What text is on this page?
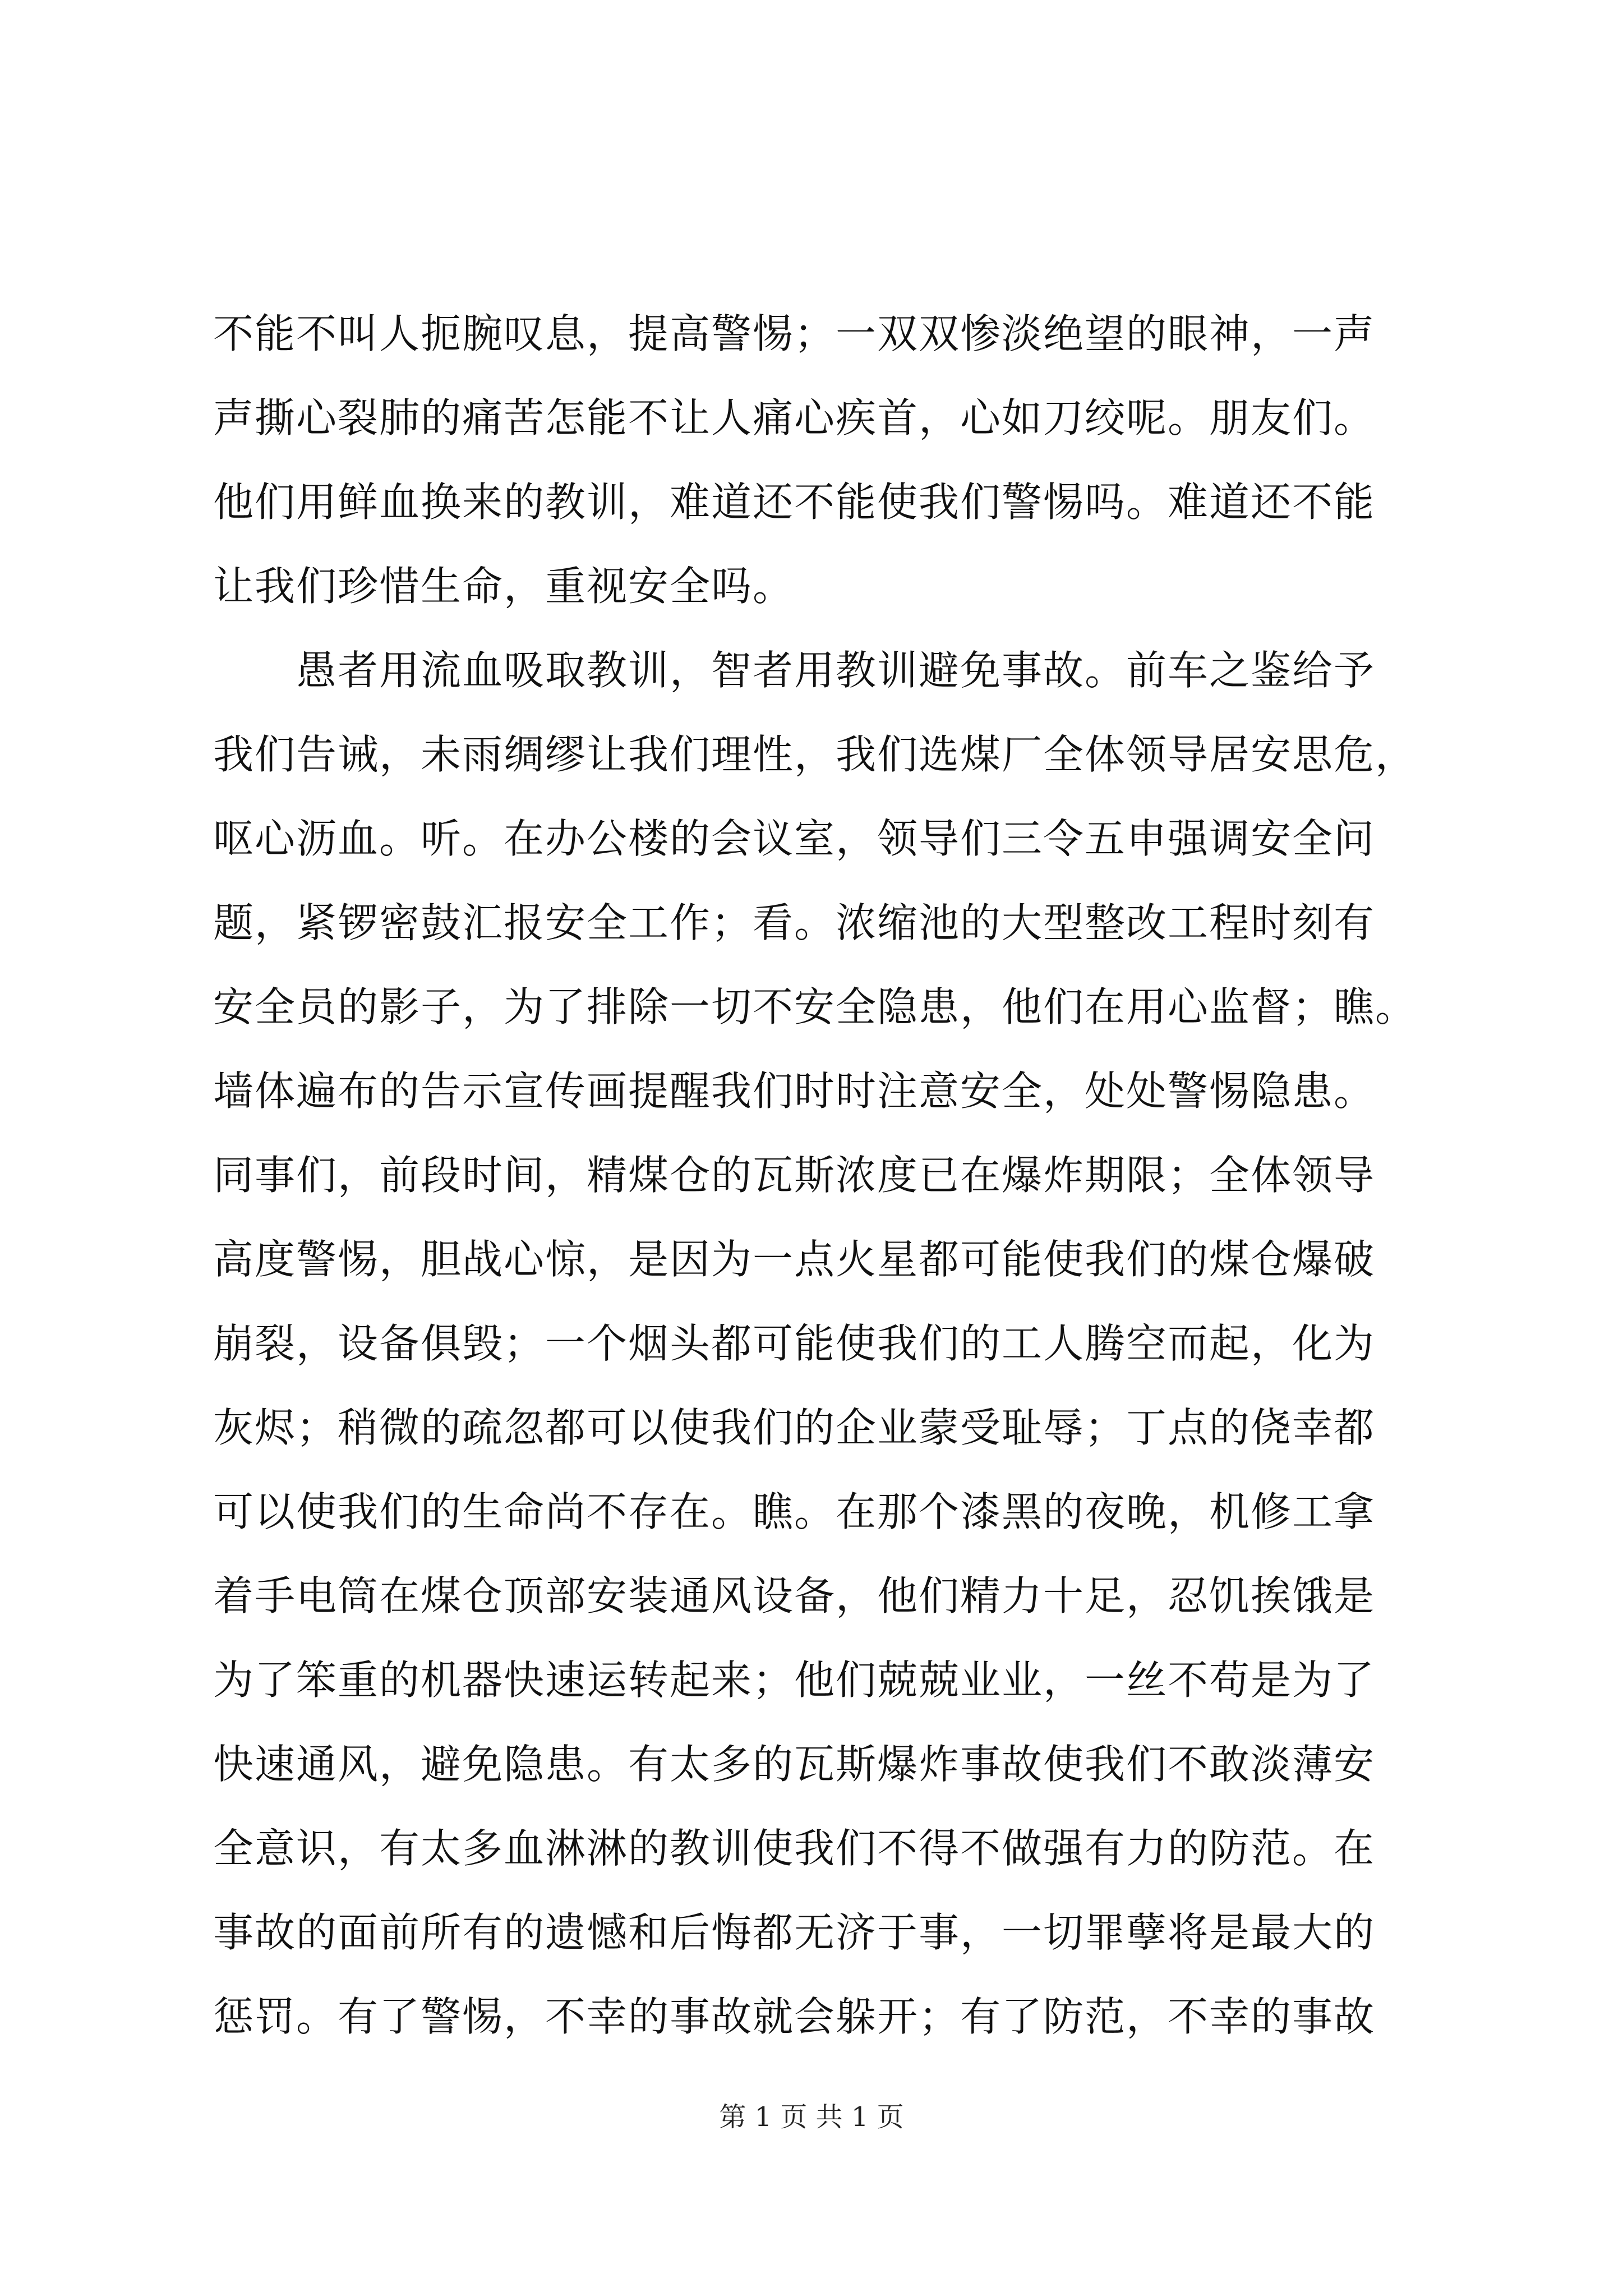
不能不叫人扼腕叹息，提高警惕；一双双惨淡绝望的眼神，一声
声撕心裂肺的痛苦怎能不让人痛心疾首，心如刀绞呢。朋友们。
他们用鲜血换来的教训，难道还不能使我们警惕吗。难道还不能
让我们珍惜生命，重视安全吗。
　　愚者用流血吸取教训，智者用教训避免事故。前车之鉴给予
我们告诫，未雨绸缪让我们理性，我们选煤厂全体领导居安思危，
呕心沥血。听。在办公楼的会议室，领导们三令五申强调安全问
题，紧锣密鼓汇报安全工作；看。浓缩池的大型整改工程时刻有
安全员的影子，为了排除一切不安全隐患，他们在用心监督；瞧。
墙体遍布的告示宣传画提醒我们时时注意安全，处处警惕隐患。
同事们，前段时间，精煤仓的瓦斯浓度已在爆炸期限；全体领导
高度警惕，胆战心惊，是因为一点火星都可能使我们的煤仓爆破
崩裂，设备俱毁；一个烟头都可能使我们的工人腾空而起，化为
灰烬；稍微的疏忽都可以使我们的企业蒙受耻辱；丁点的侥幸都
可以使我们的生命尚不存在。瞧。在那个漆黑的夜晚，机修工拿
着手电筒在煤仓顶部安装通风设备，他们精力十足，忍饥挨饿是
为了笨重的机器快速运转起来；他们兢兢业业，一丝不苟是为了
快速通风，避免隐患。有太多的瓦斯爆炸事故使我们不敢淡薄安
全意识，有太多血淋淋的教训使我们不得不做强有力的防范。在
事故的面前所有的遗憾和后悔都无济于事，一切罪孽将是最大的
惩罚。有了警惕，不幸的事故就会躲开；有了防范，不幸的事故
第 1 页 共 1 页
